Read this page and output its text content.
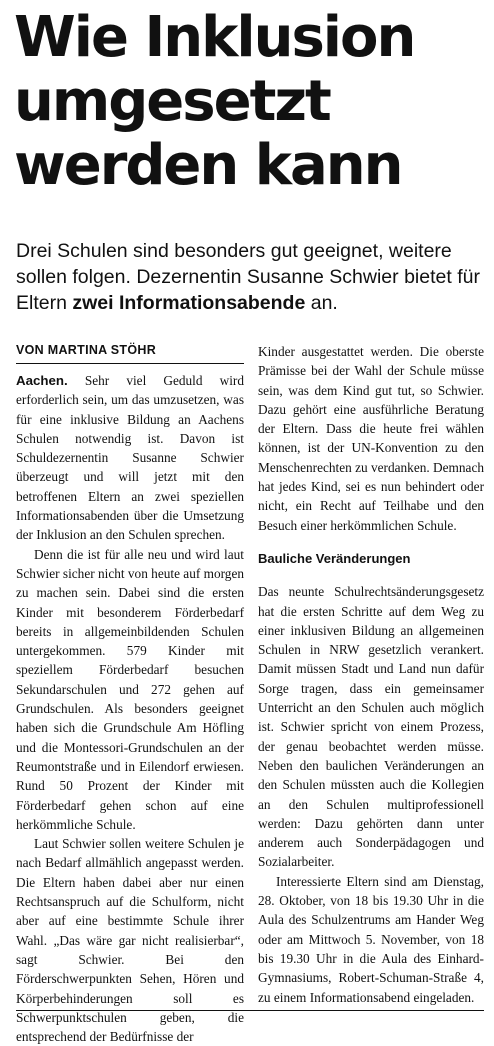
Wie Inklusion
umgesetzt
werden kann
Drei Schulen sind besonders gut geeignet, weitere sollen folgen. Dezernentin Susanne Schwier bietet für Eltern zwei Informationsabende an.
VON MARTINA STÖHR

Aachen. Sehr viel Geduld wird erforderlich sein, um das umzusetzen, was für eine inklusive Bildung an Aachens Schulen notwendig ist. Davon ist Schuldezernentin Susanne Schwier überzeugt und will jetzt mit den betroffenen Eltern an zwei speziellen Informationsabenden über die Umsetzung der Inklusion an den Schulen sprechen.

Denn die ist für alle neu und wird laut Schwier sicher nicht von heute auf morgen zu machen sein. Dabei sind die ersten Kinder mit besonderem Förderbedarf bereits in allgemeinbildenden Schulen untergekommen. 579 Kinder mit speziellem Förderbedarf besuchen Sekundarschulen und 272 gehen auf Grundschulen. Als besonders geeignet haben sich die Grundschule Am Höfling und die Montessori-Grundschulen an der Reumontstraße und in Eilendorf erwiesen. Rund 50 Prozent der Kinder mit Förderbedarf gehen schon auf eine herkömmliche Schule.

Laut Schwier sollen weitere Schulen je nach Bedarf allmählich angepasst werden. Die Eltern haben dabei aber nur einen Rechtsanspruch auf die Schulform, nicht aber auf eine bestimmte Schule ihrer Wahl. „Das wäre gar nicht realisierbar“, sagt Schwier. Bei den Förderschwerpunkten Sehen, Hören und Körperbehinderungen soll es Schwerpunktschulen geben, die entsprechend der Bedürfnisse der

Kinder ausgestattet werden. Die oberste Prämisse bei der Wahl der Schule müsse sein, was dem Kind gut tut, so Schwier. Dazu gehört eine ausführliche Beratung der Eltern. Dass die heute frei wählen können, ist der UN-Konvention zu den Menschenrechten zu verdanken. Demnach hat jedes Kind, sei es nun behindert oder nicht, ein Recht auf Teilhabe und den Besuch einer herkömmlichen Schule.

Bauliche Veränderungen

Das neunte Schulrechtsänderungsgesetz hat die ersten Schritte auf dem Weg zu einer inklusiven Bildung an allgemeinen Schulen in NRW gesetzlich verankert. Damit müssen Stadt und Land nun dafür Sorge tragen, dass ein gemeinsamer Unterricht an den Schulen auch möglich ist. Schwier spricht von einem Prozess, der genau beobachtet werden müsse. Neben den baulichen Veränderungen an den Schulen müssten auch die Kollegien an den Schulen multiprofessionell werden: Dazu gehörten dann unter anderem auch Sonderpädagogen und Sozialarbeiter.

Interessierte Eltern sind am Dienstag, 28. Oktober, von 18 bis 19.30 Uhr in die Aula des Schulzentrums am Hander Weg oder am Mittwoch 5. November, von 18 bis 19.30 Uhr in die Aula des Einhard-Gymnasiums, Robert-Schuman-Straße 4, zu einem Informationsabend eingeladen.
